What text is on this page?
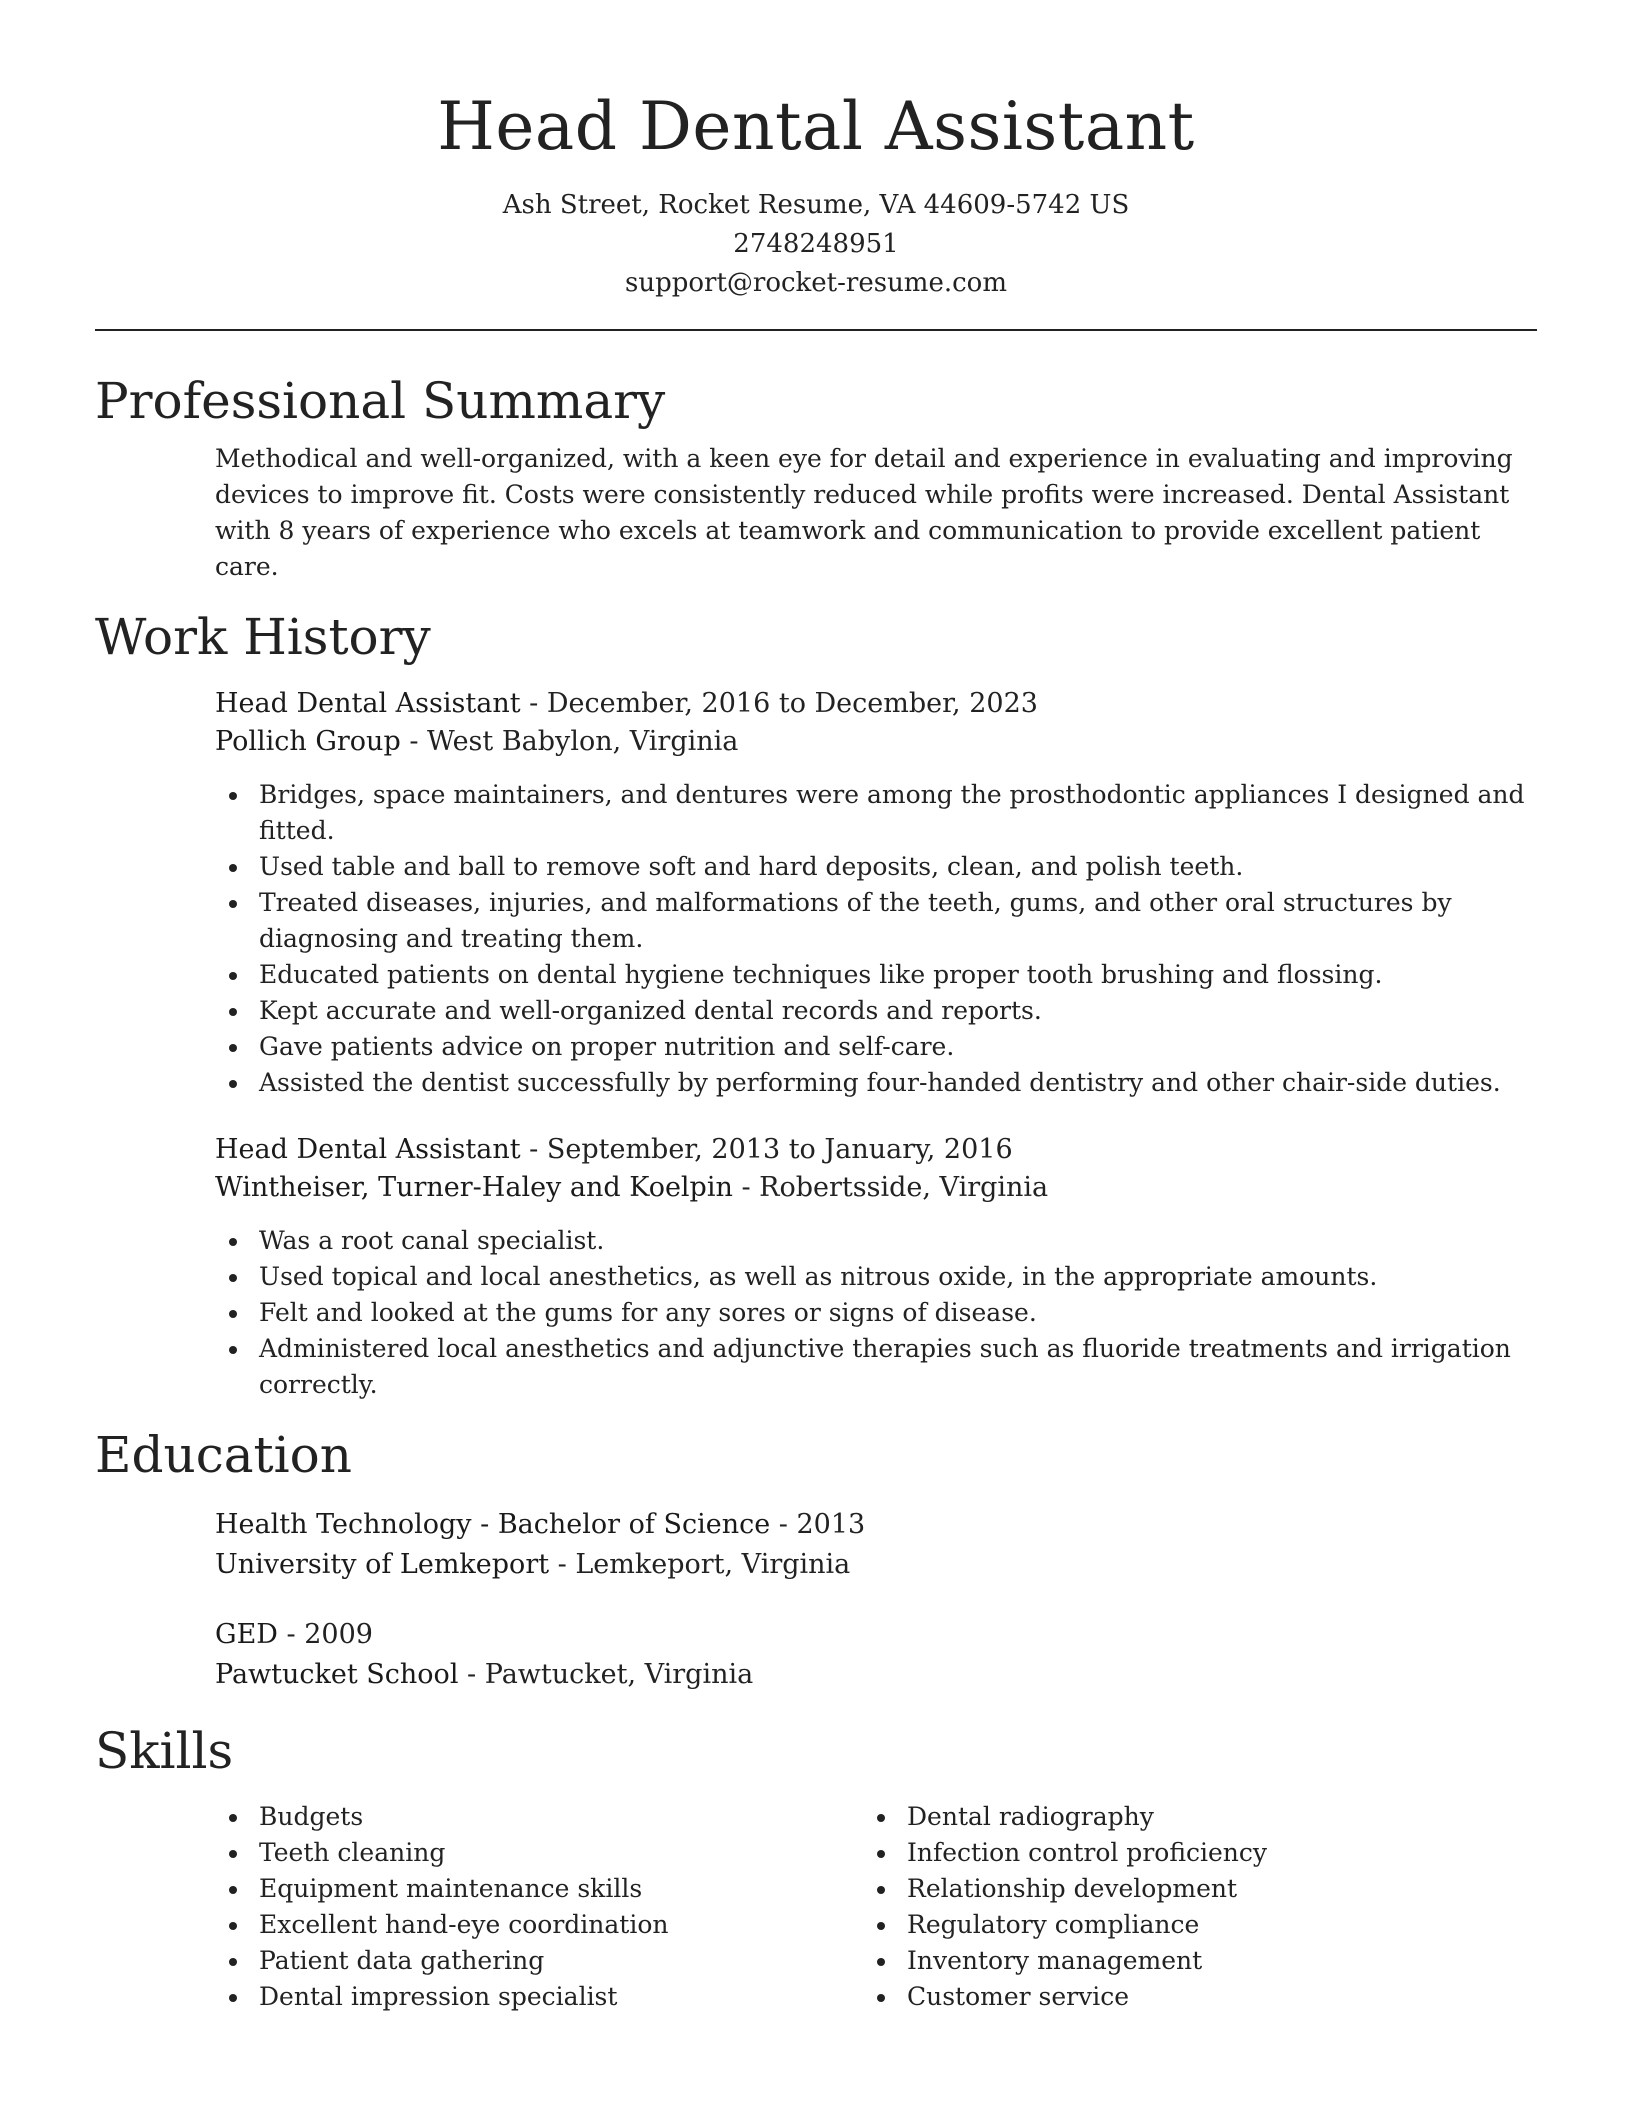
Head Dental Assistant
Ash Street, Rocket Resume, VA 44609-5742 US
2748248951
support@rocket-resume.com
Professional Summary
Methodical and well-organized, with a keen eye for detail and experience in evaluating and improving devices to improve fit. Costs were consistently reduced while profits were increased. Dental Assistant with 8 years of experience who excels at teamwork and communication to provide excellent patient care.
Work History
Head Dental Assistant - December, 2016 to December, 2023
Pollich Group - West Babylon, Virginia
Bridges, space maintainers, and dentures were among the prosthodontic appliances I designed and fitted.
Used table and ball to remove soft and hard deposits, clean, and polish teeth.
Treated diseases, injuries, and malformations of the teeth, gums, and other oral structures by diagnosing and treating them.
Educated patients on dental hygiene techniques like proper tooth brushing and flossing.
Kept accurate and well-organized dental records and reports.
Gave patients advice on proper nutrition and self-care.
Assisted the dentist successfully by performing four-handed dentistry and other chair-side duties.
Head Dental Assistant - September, 2013 to January, 2016
Wintheiser, Turner-Haley and Koelpin - Robertsside, Virginia
Was a root canal specialist.
Used topical and local anesthetics, as well as nitrous oxide, in the appropriate amounts.
Felt and looked at the gums for any sores or signs of disease.
Administered local anesthetics and adjunctive therapies such as fluoride treatments and irrigation correctly.
Education
Health Technology - Bachelor of Science - 2013
University of Lemkeport - Lemkeport, Virginia
GED - 2009
Pawtucket School - Pawtucket, Virginia
Skills
Budgets
Teeth cleaning
Equipment maintenance skills
Excellent hand-eye coordination
Patient data gathering
Dental impression specialist
Dental radiography
Infection control proficiency
Relationship development
Regulatory compliance
Inventory management
Customer service
